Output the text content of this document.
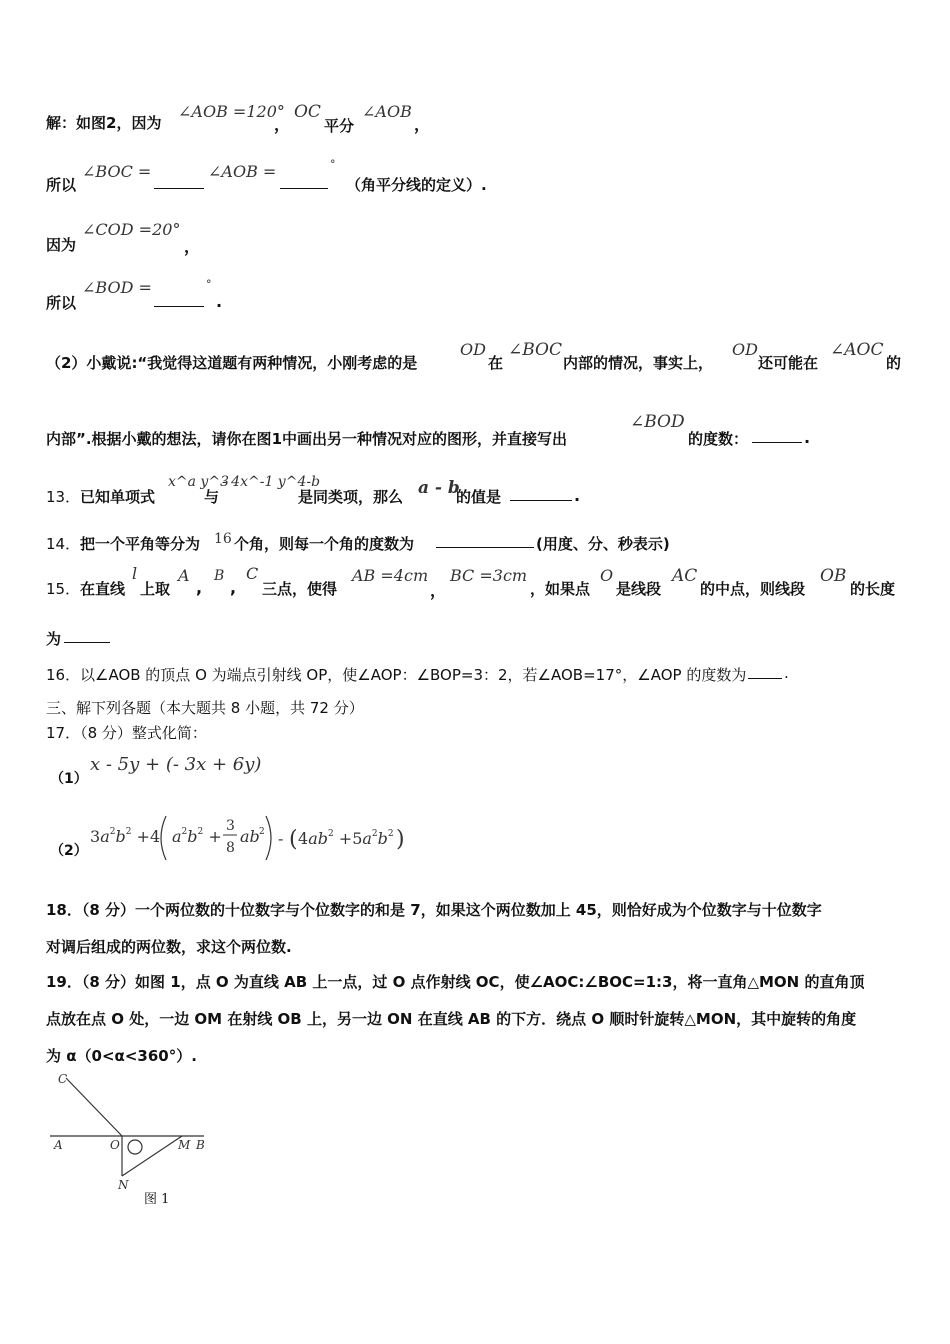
解：如图2，因为
∠AOB =120°
，
OC
平分
∠AOB
，
所以
∠BOC =	∠AOB =	°
（角平分线的定义）.
因为
∠COD =20°
，
所以
∠BOD =	°
.
（2）小戴说:“我觉得这道题有两种情况，小刚考虑的是
OD
在
∠BOC
内部的情况，事实上，
OD
还可能在
∠AOC
的
内部”.根据小戴的想法，请你在图1中画出另一种情况对应的图形，并直接写出
∠BOD
的度数：	.
13． 已知单项式
x^a y^3
与
- 4x^-1 y^4-b
是同类项，那么 a - b
的值是	.
14． 把一个平角等分为 16 个角，则每一个角的度数为	(用度、分、秒表示)
15． 在直线
l
上取
A
,
B
,
C
三点，使得
AB =4cm
，
BC =3cm
，如果点
O
是线段
AC
的中点，则线段
OB
的长度
为
16． 以∠AOB 的顶点 O 为端点引射线 OP，使∠AOP：∠BOP=3：2，若∠AOB=17°，∠AOP 的度数为	.
三、解下列各题（本大题共 8 小题，共 72 分）
17．（8 分）整式化简：
（1）
x - 5y + (- 3x + 6y)
（2）
$3a^2b^2 +4$ $a^2b^2$ +
3
8
ab 2 - ( $4ab^2 +5a^2b^2$ )
18．（8 分）一个两位数的十位数字与个位数字的和是 7，如果这个两位数加上 45，则恰好成为个位数字与十位数字
对调后组成的两位数，求这个两位数.
19．（8 分）如图 1，点 O 为直线 AB 上一点，过 O 点作射线 OC，使∠AOC:∠BOC=1:3，将一直角△MON 的直角顶
点放在点 O 处，一边 OM 在射线 OB 上，另一边 ON 在直线 AB 的下方．绕点 O 顺时针旋转△MON，其中旋转的角度
为 α（0<α<360°）.
C
A	O	M B
N
图 1
